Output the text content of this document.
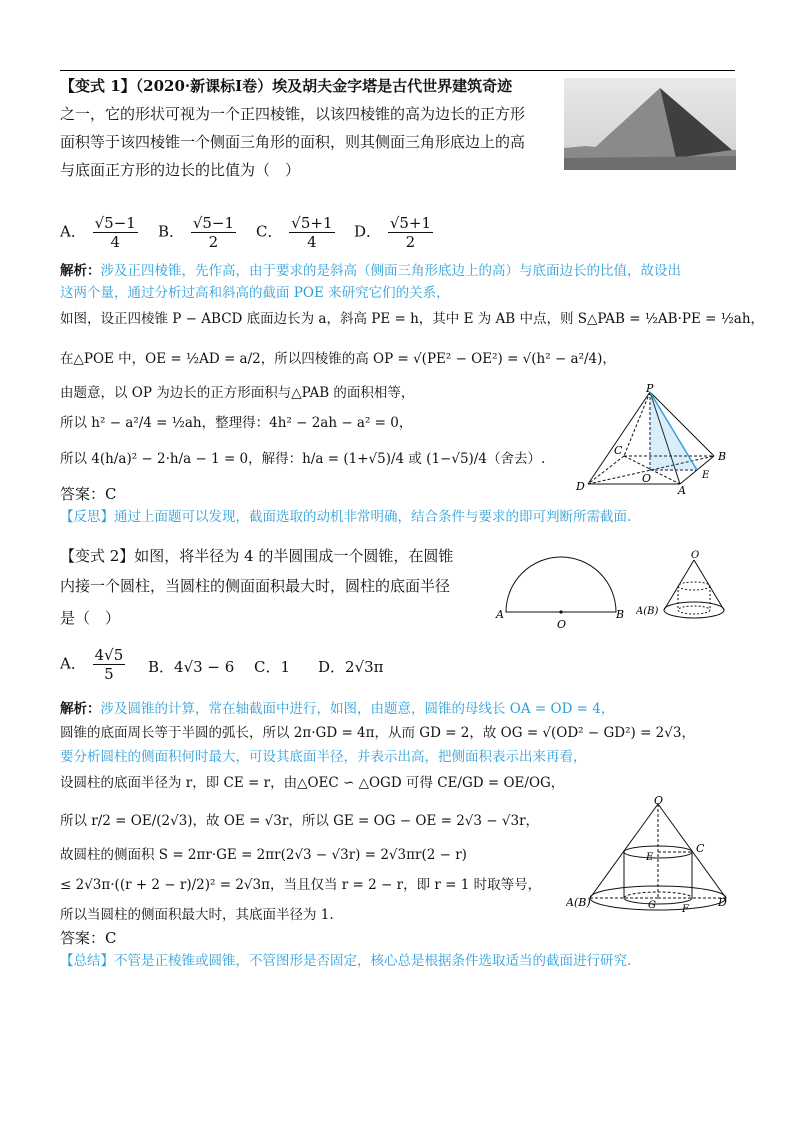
【变式 1】（2020·新课标Ⅰ卷）埃及胡夫金字塔是古代世界建筑奇迹
之一，它的形状可视为一个正四棱锥，以该四棱锥的高为边长的正方形
面积等于该四棱锥一个侧面三角形的面积，则其侧面三角形底边上的高
与底面正方形的边长的比值为（　）
A． $\frac{√5-1}{4}$ B． $\frac{√5-1}{2}$ C． $\frac{√5+1}{4}$ D． $\frac{√5+1}{2}$
解析：涉及正四棱锥，先作高，由于要求的是斜高（侧面三角形底边上的高）与底面边长的比值，故设出
这两个量，通过分析过高和斜高的截面 POE 来研究它们的关系，
如图，设正四棱锥 P − ABCD 底面边长为 a，斜高 PE = h，其中 E 为 AB 中点，则 S△PAB = ½AB·PE = ½ah，
在△POE 中，OE = ½AD = a/2，所以四棱锥的高 OP = √(PE² − OE²) = √(h² − a²/4)，
由题意，以 OP 为边长的正方形面积与△PAB 的面积相等，
所以 h² − a²/4 = ½ah，整理得：4h² − 2ah − a² = 0，
所以 4(h/a)² − 2·h/a − 1 = 0，解得：h/a = (1+√5)/4 或 (1−√5)/4（舍去）.
答案：C
【反思】通过上面题可以发现，截面选取的动机非常明确，结合条件与要求的即可判断所需截面.
P
C	B
D
O
A
E
【变式 2】如图，将半径为 4 的半圆围成一个圆锥，在圆锥
内接一个圆柱，当圆柱的侧面面积最大时，圆柱的底面半径
是（　）	A
O
B
O
A(B)
A． $\frac{4√5}{5}$ B．4√3 − 6 C．1 D．2√3π
解析：涉及圆锥的计算，常在轴截面中进行，如图，由题意，圆锥的母线长 OA = OD = 4，
圆锥的底面周长等于半圆的弧长，所以 2π·GD = 4π，从而 GD = 2，故 OG = √(OD² − GD²) = 2√3，
要分析圆柱的侧面积何时最大，可设其底面半径，并表示出高，把侧面积表示出来再看，
设圆柱的底面半径为 r，即 CE = r，由△OEC ∽ △OGD 可得 CE/GD = OE/OG，
所以 r/2 = OE/(2√3)，故 OE = √3r，所以 GE = OG − OE = 2√3 − √3r，
故圆柱的侧面积 S = 2πr·GE = 2πr(2√3 − √3r) = 2√3πr(2 − r)
≤ 2√3π·((r + 2 − r)/2)² = 2√3π，当且仅当 r = 2 − r，即 r = 1 时取等号，
所以当圆柱的侧面积最大时，其底面半径为 1.
答案：C
【总结】不管是正棱锥或圆锥，不管图形是否固定，核心总是根据条件选取适当的截面进行研究.
O
C
E
A(B)	G	F
D
